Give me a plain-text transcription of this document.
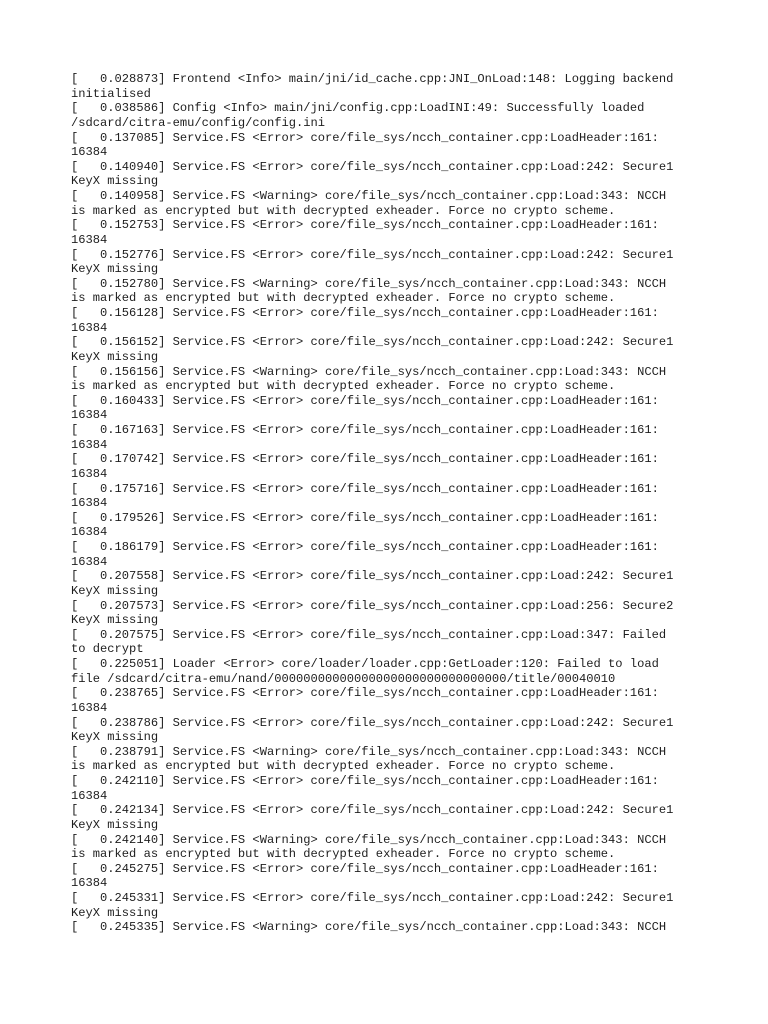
[   0.028873] Frontend <Info> main/jni/id_cache.cpp:JNI_OnLoad:148: Logging backend
initialised
[   0.038586] Config <Info> main/jni/config.cpp:LoadINI:49: Successfully loaded
/sdcard/citra-emu/config/config.ini
[   0.137085] Service.FS <Error> core/file_sys/ncch_container.cpp:LoadHeader:161:
16384
[   0.140940] Service.FS <Error> core/file_sys/ncch_container.cpp:Load:242: Secure1
KeyX missing
[   0.140958] Service.FS <Warning> core/file_sys/ncch_container.cpp:Load:343: NCCH
is marked as encrypted but with decrypted exheader. Force no crypto scheme.
[   0.152753] Service.FS <Error> core/file_sys/ncch_container.cpp:LoadHeader:161:
16384
[   0.152776] Service.FS <Error> core/file_sys/ncch_container.cpp:Load:242: Secure1
KeyX missing
[   0.152780] Service.FS <Warning> core/file_sys/ncch_container.cpp:Load:343: NCCH
is marked as encrypted but with decrypted exheader. Force no crypto scheme.
[   0.156128] Service.FS <Error> core/file_sys/ncch_container.cpp:LoadHeader:161:
16384
[   0.156152] Service.FS <Error> core/file_sys/ncch_container.cpp:Load:242: Secure1
KeyX missing
[   0.156156] Service.FS <Warning> core/file_sys/ncch_container.cpp:Load:343: NCCH
is marked as encrypted but with decrypted exheader. Force no crypto scheme.
[   0.160433] Service.FS <Error> core/file_sys/ncch_container.cpp:LoadHeader:161:
16384
[   0.167163] Service.FS <Error> core/file_sys/ncch_container.cpp:LoadHeader:161:
16384
[   0.170742] Service.FS <Error> core/file_sys/ncch_container.cpp:LoadHeader:161:
16384
[   0.175716] Service.FS <Error> core/file_sys/ncch_container.cpp:LoadHeader:161:
16384
[   0.179526] Service.FS <Error> core/file_sys/ncch_container.cpp:LoadHeader:161:
16384
[   0.186179] Service.FS <Error> core/file_sys/ncch_container.cpp:LoadHeader:161:
16384
[   0.207558] Service.FS <Error> core/file_sys/ncch_container.cpp:Load:242: Secure1
KeyX missing
[   0.207573] Service.FS <Error> core/file_sys/ncch_container.cpp:Load:256: Secure2
KeyX missing
[   0.207575] Service.FS <Error> core/file_sys/ncch_container.cpp:Load:347: Failed
to decrypt
[   0.225051] Loader <Error> core/loader/loader.cpp:GetLoader:120: Failed to load
file /sdcard/citra-emu/nand/00000000000000000000000000000000/title/00040010
[   0.238765] Service.FS <Error> core/file_sys/ncch_container.cpp:LoadHeader:161:
16384
[   0.238786] Service.FS <Error> core/file_sys/ncch_container.cpp:Load:242: Secure1
KeyX missing
[   0.238791] Service.FS <Warning> core/file_sys/ncch_container.cpp:Load:343: NCCH
is marked as encrypted but with decrypted exheader. Force no crypto scheme.
[   0.242110] Service.FS <Error> core/file_sys/ncch_container.cpp:LoadHeader:161:
16384
[   0.242134] Service.FS <Error> core/file_sys/ncch_container.cpp:Load:242: Secure1
KeyX missing
[   0.242140] Service.FS <Warning> core/file_sys/ncch_container.cpp:Load:343: NCCH
is marked as encrypted but with decrypted exheader. Force no crypto scheme.
[   0.245275] Service.FS <Error> core/file_sys/ncch_container.cpp:LoadHeader:161:
16384
[   0.245331] Service.FS <Error> core/file_sys/ncch_container.cpp:Load:242: Secure1
KeyX missing
[   0.245335] Service.FS <Warning> core/file_sys/ncch_container.cpp:Load:343: NCCH
